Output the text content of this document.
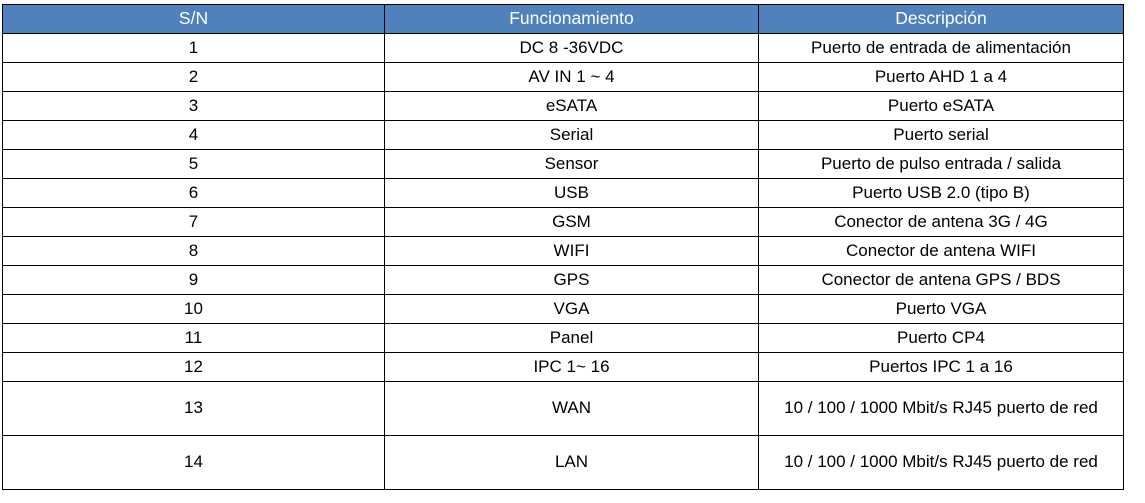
S/N	Funcionamiento	Descripción
1	DC 8 -36VDC	Puerto de entrada de alimentación
2	AV IN 1 ~ 4	Puerto AHD 1 a 4
3	eSATA	Puerto eSATA
4	Serial	Puerto serial
5	Sensor	Puerto de pulso entrada / salida
6	USB	Puerto USB 2.0 (tipo B)
7	GSM	Conector de antena 3G / 4G
8	WIFI	Conector de antena WIFI
9	GPS	Conector de antena GPS / BDS
10	VGA	Puerto VGA
11	Panel	Puerto CP4
12	IPC 1~ 16	Puertos IPC 1 a 16
13	WAN	10 / 100 / 1000 Mbit/s RJ45 puerto de red
14	LAN	10 / 100 / 1000 Mbit/s RJ45 puerto de red
